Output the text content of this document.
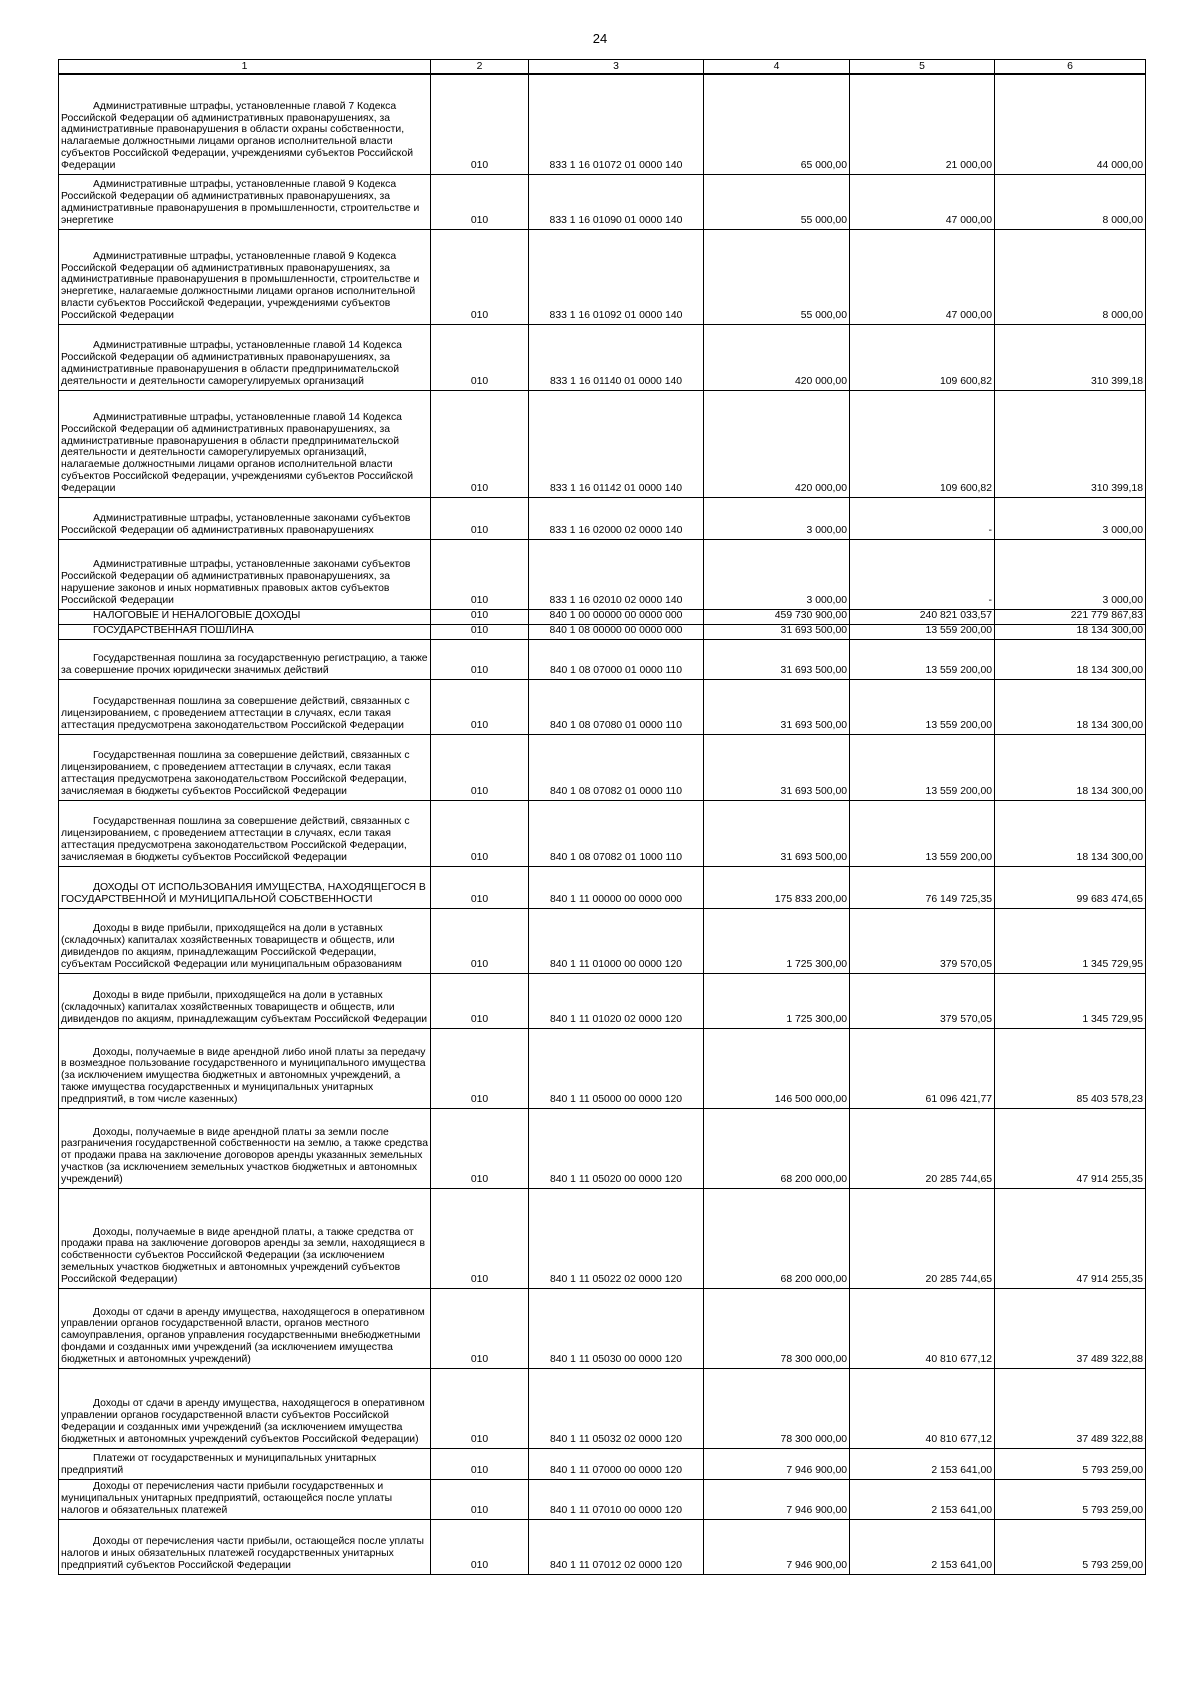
24
1	2	3	4	5	6
Административные штрафы, установленные главой 7 Кодекса Российской Федерации об административных правонарушениях, за административные правонарушения в области охраны собственности, налагаемые должностными лицами органов исполнительной власти субъектов Российской Федерации, учреждениями субъектов Российской Федерации	010	833 1 16 01072 01 0000 140	65 000,00	21 000,00	44 000,00
Административные штрафы, установленные главой 9 Кодекса Российской Федерации об административных правонарушениях, за административные правонарушения в промышленности, строительстве и энергетике	010	833 1 16 01090 01 0000 140	55 000,00	47 000,00	8 000,00
Административные штрафы, установленные главой 9 Кодекса Российской Федерации об административных правонарушениях, за административные правонарушения в промышленности, строительстве и энергетике, налагаемые должностными лицами органов исполнительной власти субъектов Российской Федерации, учреждениями субъектов Российской Федерации	010	833 1 16 01092 01 0000 140	55 000,00	47 000,00	8 000,00
Административные штрафы, установленные главой 14 Кодекса Российской Федерации об административных правонарушениях, за административные правонарушения в области предпринимательской деятельности и деятельности саморегулируемых организаций	010	833 1 16 01140 01 0000 140	420 000,00	109 600,82	310 399,18
Административные штрафы, установленные главой 14 Кодекса Российской Федерации об административных правонарушениях, за административные правонарушения в области предпринимательской деятельности и деятельности саморегулируемых организаций, налагаемые должностными лицами органов исполнительной власти субъектов Российской Федерации, учреждениями субъектов Российской Федерации	010	833 1 16 01142 01 0000 140	420 000,00	109 600,82	310 399,18
Административные штрафы, установленные законами субъектов Российской Федерации об административных правонарушениях	010	833 1 16 02000 02 0000 140	3 000,00	-	3 000,00
Административные штрафы, установленные законами субъектов Российской Федерации об административных правонарушениях, за нарушение законов и иных нормативных правовых актов субъектов Российской Федерации	010	833 1 16 02010 02 0000 140	3 000,00	-	3 000,00
НАЛОГОВЫЕ И НЕНАЛОГОВЫЕ ДОХОДЫ	010	840 1 00 00000 00 0000 000	459 730 900,00	240 821 033,57	221 779 867,83
ГОСУДАРСТВЕННАЯ ПОШЛИНА	010	840 1 08 00000 00 0000 000	31 693 500,00	13 559 200,00	18 134 300,00
Государственная пошлина за государственную регистрацию, а также за совершение прочих юридически значимых действий	010	840 1 08 07000 01 0000 110	31 693 500,00	13 559 200,00	18 134 300,00
Государственная пошлина за совершение действий, связанных с лицензированием, с проведением аттестации в случаях, если такая аттестация предусмотрена законодательством Российской Федерации	010	840 1 08 07080 01 0000 110	31 693 500,00	13 559 200,00	18 134 300,00
Государственная пошлина за совершение действий, связанных с лицензированием, с проведением аттестации в случаях, если такая аттестация предусмотрена законодательством Российской Федерации, зачисляемая в бюджеты субъектов Российской Федерации	010	840 1 08 07082 01 0000 110	31 693 500,00	13 559 200,00	18 134 300,00
Государственная пошлина за совершение действий, связанных с лицензированием, с проведением аттестации в случаях, если такая аттестация предусмотрена законодательством Российской Федерации, зачисляемая в бюджеты субъектов Российской Федерации	010	840 1 08 07082 01 1000 110	31 693 500,00	13 559 200,00	18 134 300,00
ДОХОДЫ ОТ ИСПОЛЬЗОВАНИЯ ИМУЩЕСТВА, НАХОДЯЩЕГОСЯ В ГОСУДАРСТВЕННОЙ И МУНИЦИПАЛЬНОЙ СОБСТВЕННОСТИ	010	840 1 11 00000 00 0000 000	175 833 200,00	76 149 725,35	99 683 474,65
Доходы в виде прибыли, приходящейся на доли в уставных (складочных) капиталах хозяйственных товариществ и обществ, или дивидендов по акциям, принадлежащим Российской Федерации, субъектам Российской Федерации или муниципальным образованиям	010	840 1 11 01000 00 0000 120	1 725 300,00	379 570,05	1 345 729,95
Доходы в виде прибыли, приходящейся на доли в уставных (складочных) капиталах хозяйственных товариществ и обществ, или дивидендов по акциям, принадлежащим субъектам Российской Федерации	010	840 1 11 01020 02 0000 120	1 725 300,00	379 570,05	1 345 729,95
Доходы, получаемые в виде арендной либо иной платы за передачу в возмездное пользование государственного и муниципального имущества (за исключением имущества бюджетных и автономных учреждений, а также имущества государственных и муниципальных унитарных предприятий, в том числе казенных)	010	840 1 11 05000 00 0000 120	146 500 000,00	61 096 421,77	85 403 578,23
Доходы, получаемые в виде арендной платы за земли после разграничения государственной собственности на землю, а также средства от продажи права на заключение договоров аренды указанных земельных участков (за исключением земельных участков бюджетных и автономных учреждений)	010	840 1 11 05020 00 0000 120	68 200 000,00	20 285 744,65	47 914 255,35
Доходы, получаемые в виде арендной платы, а также средства от продажи права на заключение договоров аренды за земли, находящиеся в собственности субъектов Российской Федерации (за исключением земельных участков бюджетных и автономных учреждений субъектов Российской Федерации)	010	840 1 11 05022 02 0000 120	68 200 000,00	20 285 744,65	47 914 255,35
Доходы от сдачи в аренду имущества, находящегося в оперативном управлении органов государственной власти, органов местного самоуправления, органов управления государственными внебюджетными фондами и созданных ими учреждений (за исключением имущества бюджетных и автономных учреждений)	010	840 1 11 05030 00 0000 120	78 300 000,00	40 810 677,12	37 489 322,88
Доходы от сдачи в аренду имущества, находящегося в оперативном управлении органов государственной власти субъектов Российской Федерации и созданных ими учреждений (за исключением имущества бюджетных и автономных учреждений субъектов Российской Федерации)	010	840 1 11 05032 02 0000 120	78 300 000,00	40 810 677,12	37 489 322,88
Платежи от государственных и муниципальных унитарных предприятий	010	840 1 11 07000 00 0000 120	7 946 900,00	2 153 641,00	5 793 259,00
Доходы от перечисления части прибыли государственных и муниципальных унитарных предприятий, остающейся после уплаты налогов и обязательных платежей	010	840 1 11 07010 00 0000 120	7 946 900,00	2 153 641,00	5 793 259,00
Доходы от перечисления части прибыли, остающейся после уплаты налогов и иных обязательных платежей государственных унитарных предприятий субъектов Российской Федерации	010	840 1 11 07012 02 0000 120	7 946 900,00	2 153 641,00	5 793 259,00
